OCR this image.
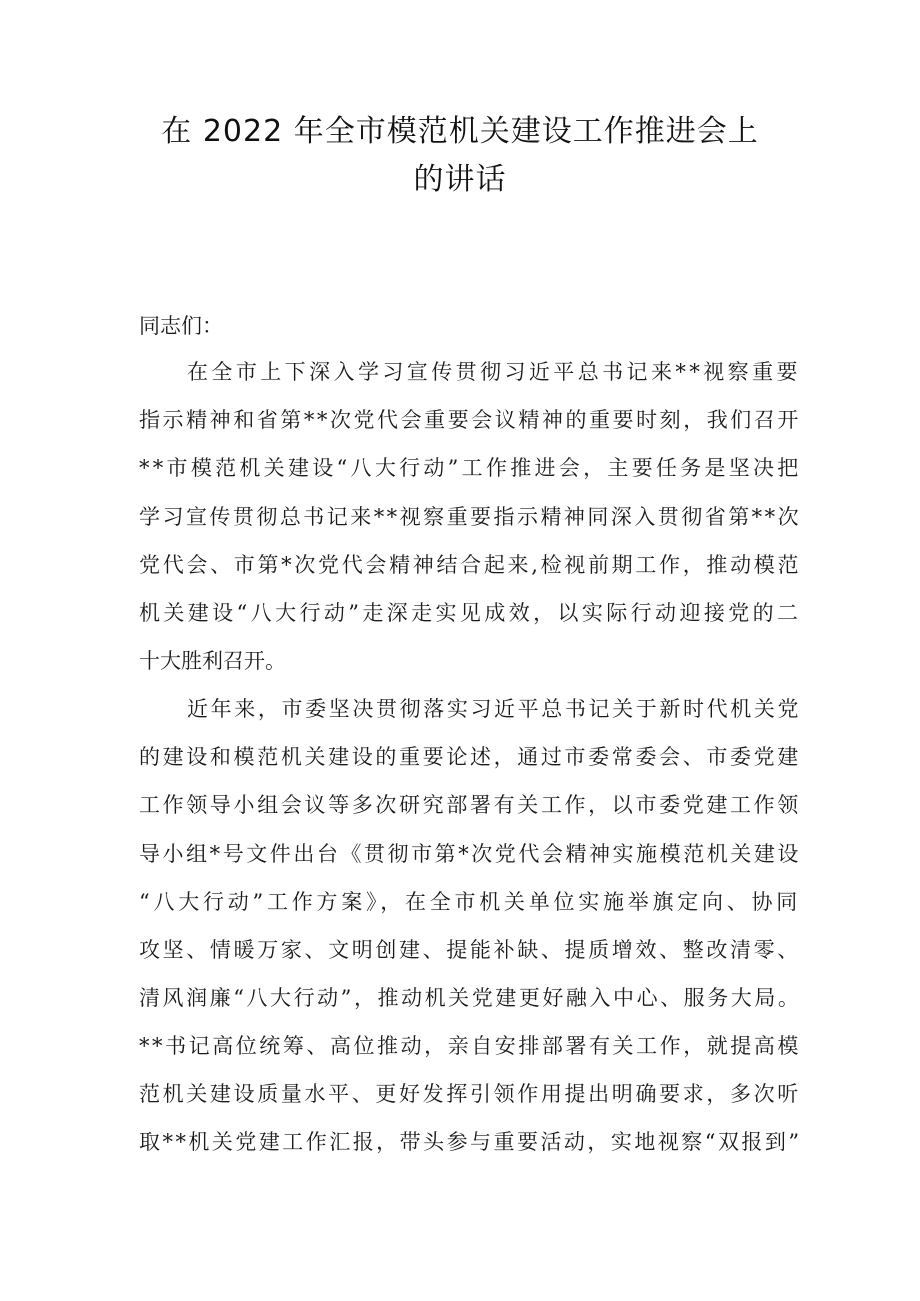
在 2022 年全市模范机关建设工作推进会上
的讲话
同志们：
在全市上下深入学习宣传贯彻习近平总书记来**视察重要
指示精神和省第**次党代会重要会议精神的重要时刻，我们召开
**市模范机关建设“八大行动”工作推进会，主要任务是坚决把
学习宣传贯彻总书记来**视察重要指示精神同深入贯彻省第**次
党代会、市第*次党代会精神结合起来,检视前期工作，推动模范
机关建设“八大行动”走深走实见成效，以实际行动迎接党的二
十大胜利召开。
近年来，市委坚决贯彻落实习近平总书记关于新时代机关党
的建设和模范机关建设的重要论述，通过市委常委会、市委党建
工作领导小组会议等多次研究部署有关工作，以市委党建工作领
导小组*号文件出台《贯彻市第*次党代会精神实施模范机关建设
“八大行动”工作方案》，在全市机关单位实施举旗定向、协同
攻坚、情暖万家、文明创建、提能补缺、提质增效、整改清零、
清风润廉“八大行动”，推动机关党建更好融入中心、服务大局。
**书记高位统筹、高位推动，亲自安排部署有关工作，就提高模
范机关建设质量水平、更好发挥引领作用提出明确要求，多次听
取**机关党建工作汇报，带头参与重要活动，实地视察“双报到”
